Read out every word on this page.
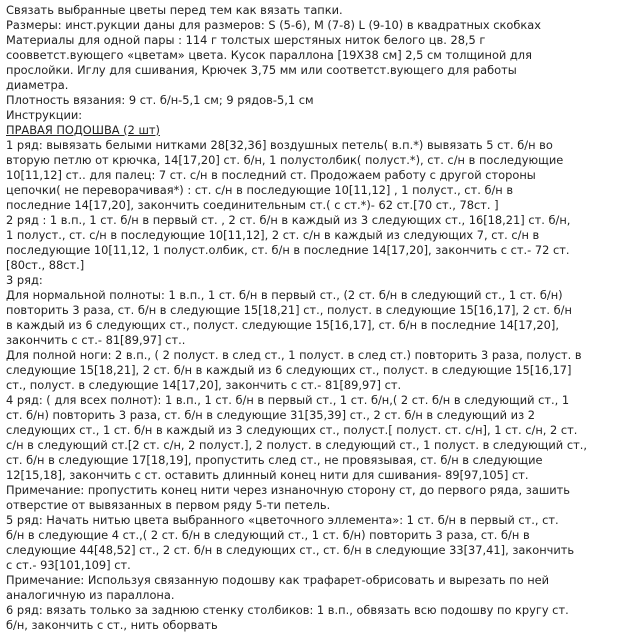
Связать выбранные цветы перед тем как вязать тапки.
Размеры: инст.рукции даны для размеров: S (5-6), M (7-8) L (9-10) в квадратных скобках
Материалы для одной пары : 114 г толстых шерстяных ниток белого цв. 28,5 г
соовветст.вующего «цветам» цвета. Кусок параллона [19X38 см] 2,5 см толщиной для
прослойки. Иглу для сшивания, Крючек 3,75 мм или соответст.вующего для работы
диаметра.
Плотность вязания: 9 ст. б/н-5,1 см; 9 рядов-5,1 см
Инструкции:
ПРАВАЯ ПОДОШВА (2 шт)
1 ряд: вывязать белыми нитками 28[32,36] воздушных петель( в.п.*) вывязать 5 ст. б/н во
вторую петлю от крючка, 14[17,20] ст. б/н, 1 полустолбик( полуст.*), ст. с/н в последующие
10[11,12] ст.. для палец: 7 ст. с/н в последний ст. Продожаем работу с другой стороны
цепочки( не переворачивая*) : ст. с/н в последующие 10[11,12] , 1 полуст., ст. б/н в
последние 14[17,20], закончить соединительным ст.( с ст.*)- 62 ст.[70 ст., 78ст. ]
2 ряд : 1 в.п., 1 ст. б/н в первый ст. , 2 ст. б/н в каждый из 3 следующих ст., 16[18,21] ст. б/н,
1 полуст., ст. с/н в последующие 10[11,12], 2 ст. с/н в каждый из следующих 7, ст. с/н в
последующие 10[11,12, 1 полуст.олбик, ст. б/н в последние 14[17,20], закончить с ст.- 72 ст.
[80ст., 88ст.]
3 ряд:
Для нормальной полноты: 1 в.п., 1 ст. б/н в первый ст., (2 ст. б/н в следующий ст., 1 ст. б/н)
повторить 3 раза, ст. б/н в следующие 15[18,21] ст., полуст. в следующие 15[16,17], 2 ст. б/н
в каждый из 6 следующих ст., полуст. следующие 15[16,17], ст. б/н в последние 14[17,20],
закончить с ст.- 81[89,97] ст..
Для полной ноги: 2 в.п., ( 2 полуст. в след ст., 1 полуст. в след ст.) повторить 3 раза, полуст. в
следующие 15[18,21], 2 ст. б/н в каждый из 6 следующих ст., полуст. в следующие 15[16,17]
ст., полуст. в следующие 14[17,20], закончить с ст.- 81[89,97] ст.
4 ряд: ( для всех полнот): 1 в.п., 1 ст. б/н в первый ст., 1 ст. б/н,( 2 ст. б/н в следующий ст., 1
ст. б/н) повторить 3 раза, ст. б/н в следующие 31[35,39] ст., 2 ст. б/н в следующий из 2
следующих ст., 1 ст. б/н в каждый из 3 следующих ст., полуст.[ полуст. ст. с/н], 1 ст. с/н, 2 ст.
с/н в следующий ст.[2 ст. с/н, 2 полуст.], 2 полуст. в следующий ст., 1 полуст. в следующий ст.,
ст. б/н в следующие 17[18,19], пропустить след ст., не провязывая, ст. б/н в следующие
12[15,18], закончить с ст. оставить длинный конец нити для сшивания- 89[97,105] ст.
Примечание: пропустить конец нити через изнаночную сторону ст, до первого ряда, зашить
отверстие от вывязанных в первом ряду 5-ти петель.
5 ряд: Начать нитью цвета выбранного «цветочного эллемента»: 1 ст. б/н в первый ст., ст.
б/н в следующие 4 ст.,( 2 ст. б/н в следующий ст., 1 ст. б/н) повторить 3 раза, ст. б/н в
следующие 44[48,52] ст., 2 ст. б/н в следующих ст., ст. б/н в следующие 33[37,41], закончить
с ст.- 93[101,109] ст.
Примечание: Используя связанную подошву как трафарет-обрисовать и вырезать по ней
аналогичную из параллона.
6 ряд: вязать только за заднюю стенку столбиков: 1 в.п., обвязать всю подошву по кругу ст.
б/н, закончить с ст., нить оборвать
